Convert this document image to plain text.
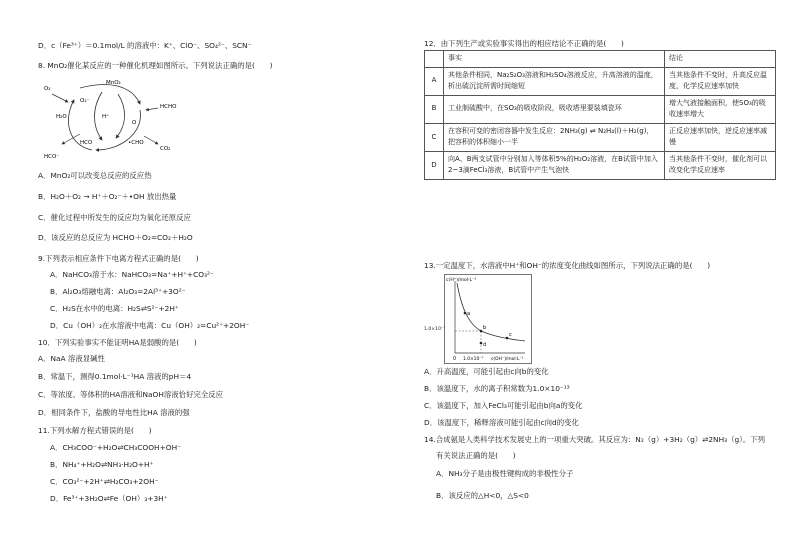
D．c（Fe³⁺）＝0.1mol/L 的溶液中：K⁺、ClO⁻、SO₄²⁻、SCN⁻
8. MnO₂催化某反应的一种催化机理如图所示。下列说法正确的是(　　)
MnO₂
O₂
O₂⁻
H⁺
HCHO
O
HCO⁻
CO₂
•CHO
HCO
H₂O
A．MnO₂可以改变总反应的反应热
B．H₂O＋O₂ → H⁺＋O₂⁻＋•OH 放出热量
C．催化过程中所发生的反应均为氧化还原反应
D．该反应的总反应为 HCHO＋O₂=CO₂＋H₂O
9.下列表示相应条件下电离方程式正确的是(　　)
A．NaHCO₃溶于水：NaHCO₃=Na⁺+H⁺+CO₃²⁻
B．Al₂O₃熔融电离：Al₂O₃=2Al³⁺+3O²⁻
C．H₂S在水中的电离：H₂S⇌S²⁻+2H⁺
D．Cu（OH）₂在水溶液中电离：Cu（OH）₂=Cu²⁺+2OH⁻
10．下列实验事实不能证明HA是弱酸的是(　　)
A．NaA 溶液显碱性
B．常温下，测得0.1mol·L⁻¹HA 溶液的pH＝4
C．等浓度、等体积的HA溶液和NaOH溶液恰好完全反应
D．相同条件下，盐酸的导电性比HA 溶液的强
11.下列水解方程式错误的是(　　)
A．CH₃COO⁻+H₂O⇌CH₃COOH+OH⁻
B．NH₄⁺+H₂O⇌NH₃·H₂O+H⁺
C．CO₃²⁻+2H⁺⇌H₂CO₃+2OH⁻
D．Fe³⁺+3H₂O⇌Fe（OH）₃+3H⁺
12．由下列生产或实验事实得出的相应结论不正确的是(　　)
	事实	结论
A	其他条件相同，Na₂S₂O₃溶液和H₂SO₄溶液反应，升高溶液的温度，析出硫沉淀所需时间缩短	当其他条件不变时，升高反应温度，化学反应速率加快
B	工业制硫酸中，在SO₃的吸收阶段，吸收塔里要装填瓷环	增大气液接触面积，使SO₃的吸收速率增大
C	在容积可变的密闭容器中发生反应：2NH₃(g) ⇌ N₂H₄(l)＋H₂(g)，把容积的体积缩小一半	正反应速率加快，逆反应速率减慢
D	向A、B两支试管中分别加入等体积5%的H₂O₂溶液，在B试管中加入2~3滴FeCl₃溶液，B试管中产生气泡快	当其他条件不变时，催化剂可以改变化学反应速率
13.一定温度下，水溶液中H⁺和OH⁻的浓度变化曲线如图所示，下列说法正确的是(　　)
c(H⁺)/mol·L⁻¹
a
b
c
d
0 1.0×10⁻⁷ c(OH⁻)/mol·L⁻¹
1.0×10⁻⁷
A．升高温度，可能引起由c向b的变化
B．该温度下，水的离子积常数为1.0×10⁻¹³
C．该温度下，加入FeCl₃可能引起由b向a的变化
D．该温度下，稀释溶液可能引起由c向d的变化
14.合成氨是人类科学技术发展史上的一项重大突破。其反应为：N₂（g）+3H₂（g）⇌2NH₃（g）。下列
有关说法正确的是(　　)
A．NH₃分子是由极性键构成的非极性分子
B．该反应的△H<0，△S<0
